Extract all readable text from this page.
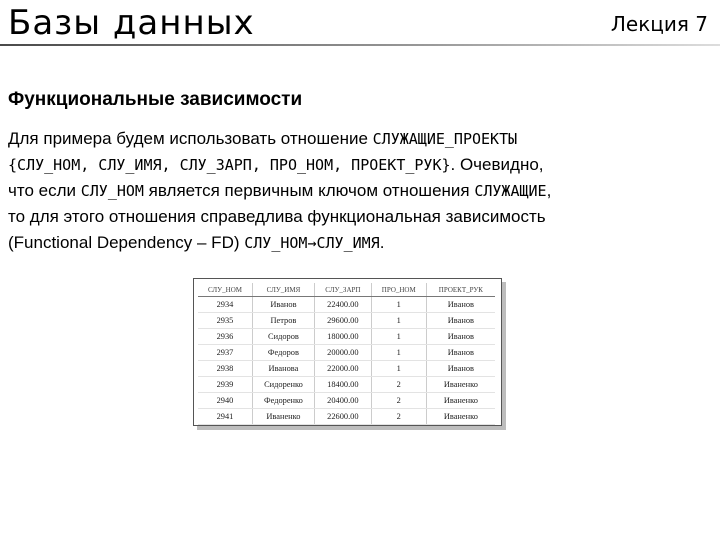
Базы данных	Лекция 7
Функциональные зависимости
Для примера будем использовать отношение СЛУЖАЩИЕ_ПРОЕКТЫ
{СЛУ_НОМ, СЛУ_ИМЯ, СЛУ_ЗАРП, ПРО_НОМ, ПРОЕКТ_РУК}. Очевидно,
что если СЛУ_НОМ является первичным ключом отношения СЛУЖАЩИЕ,
то для этого отношения справедлива функциональная зависимость
(Functional Dependency – FD) СЛУ_НОМ→СЛУ_ИМЯ.
СЛУ_НОМ	СЛУ_ИМЯ	СЛУ_ЗАРП	ПРО_НОМ	ПРОЕКТ_РУК
2934	Иванов	22400.00	1	Иванов
2935	Петров	29600.00	1	Иванов
2936	Сидоров	18000.00	1	Иванов
2937	Федоров	20000.00	1	Иванов
2938	Иванова	22000.00	1	Иванов
2939	Сидоренко	18400.00	2	Иваненко
2940	Федоренко	20400.00	2	Иваненко
2941	Иваненко	22600.00	2	Иваненко
